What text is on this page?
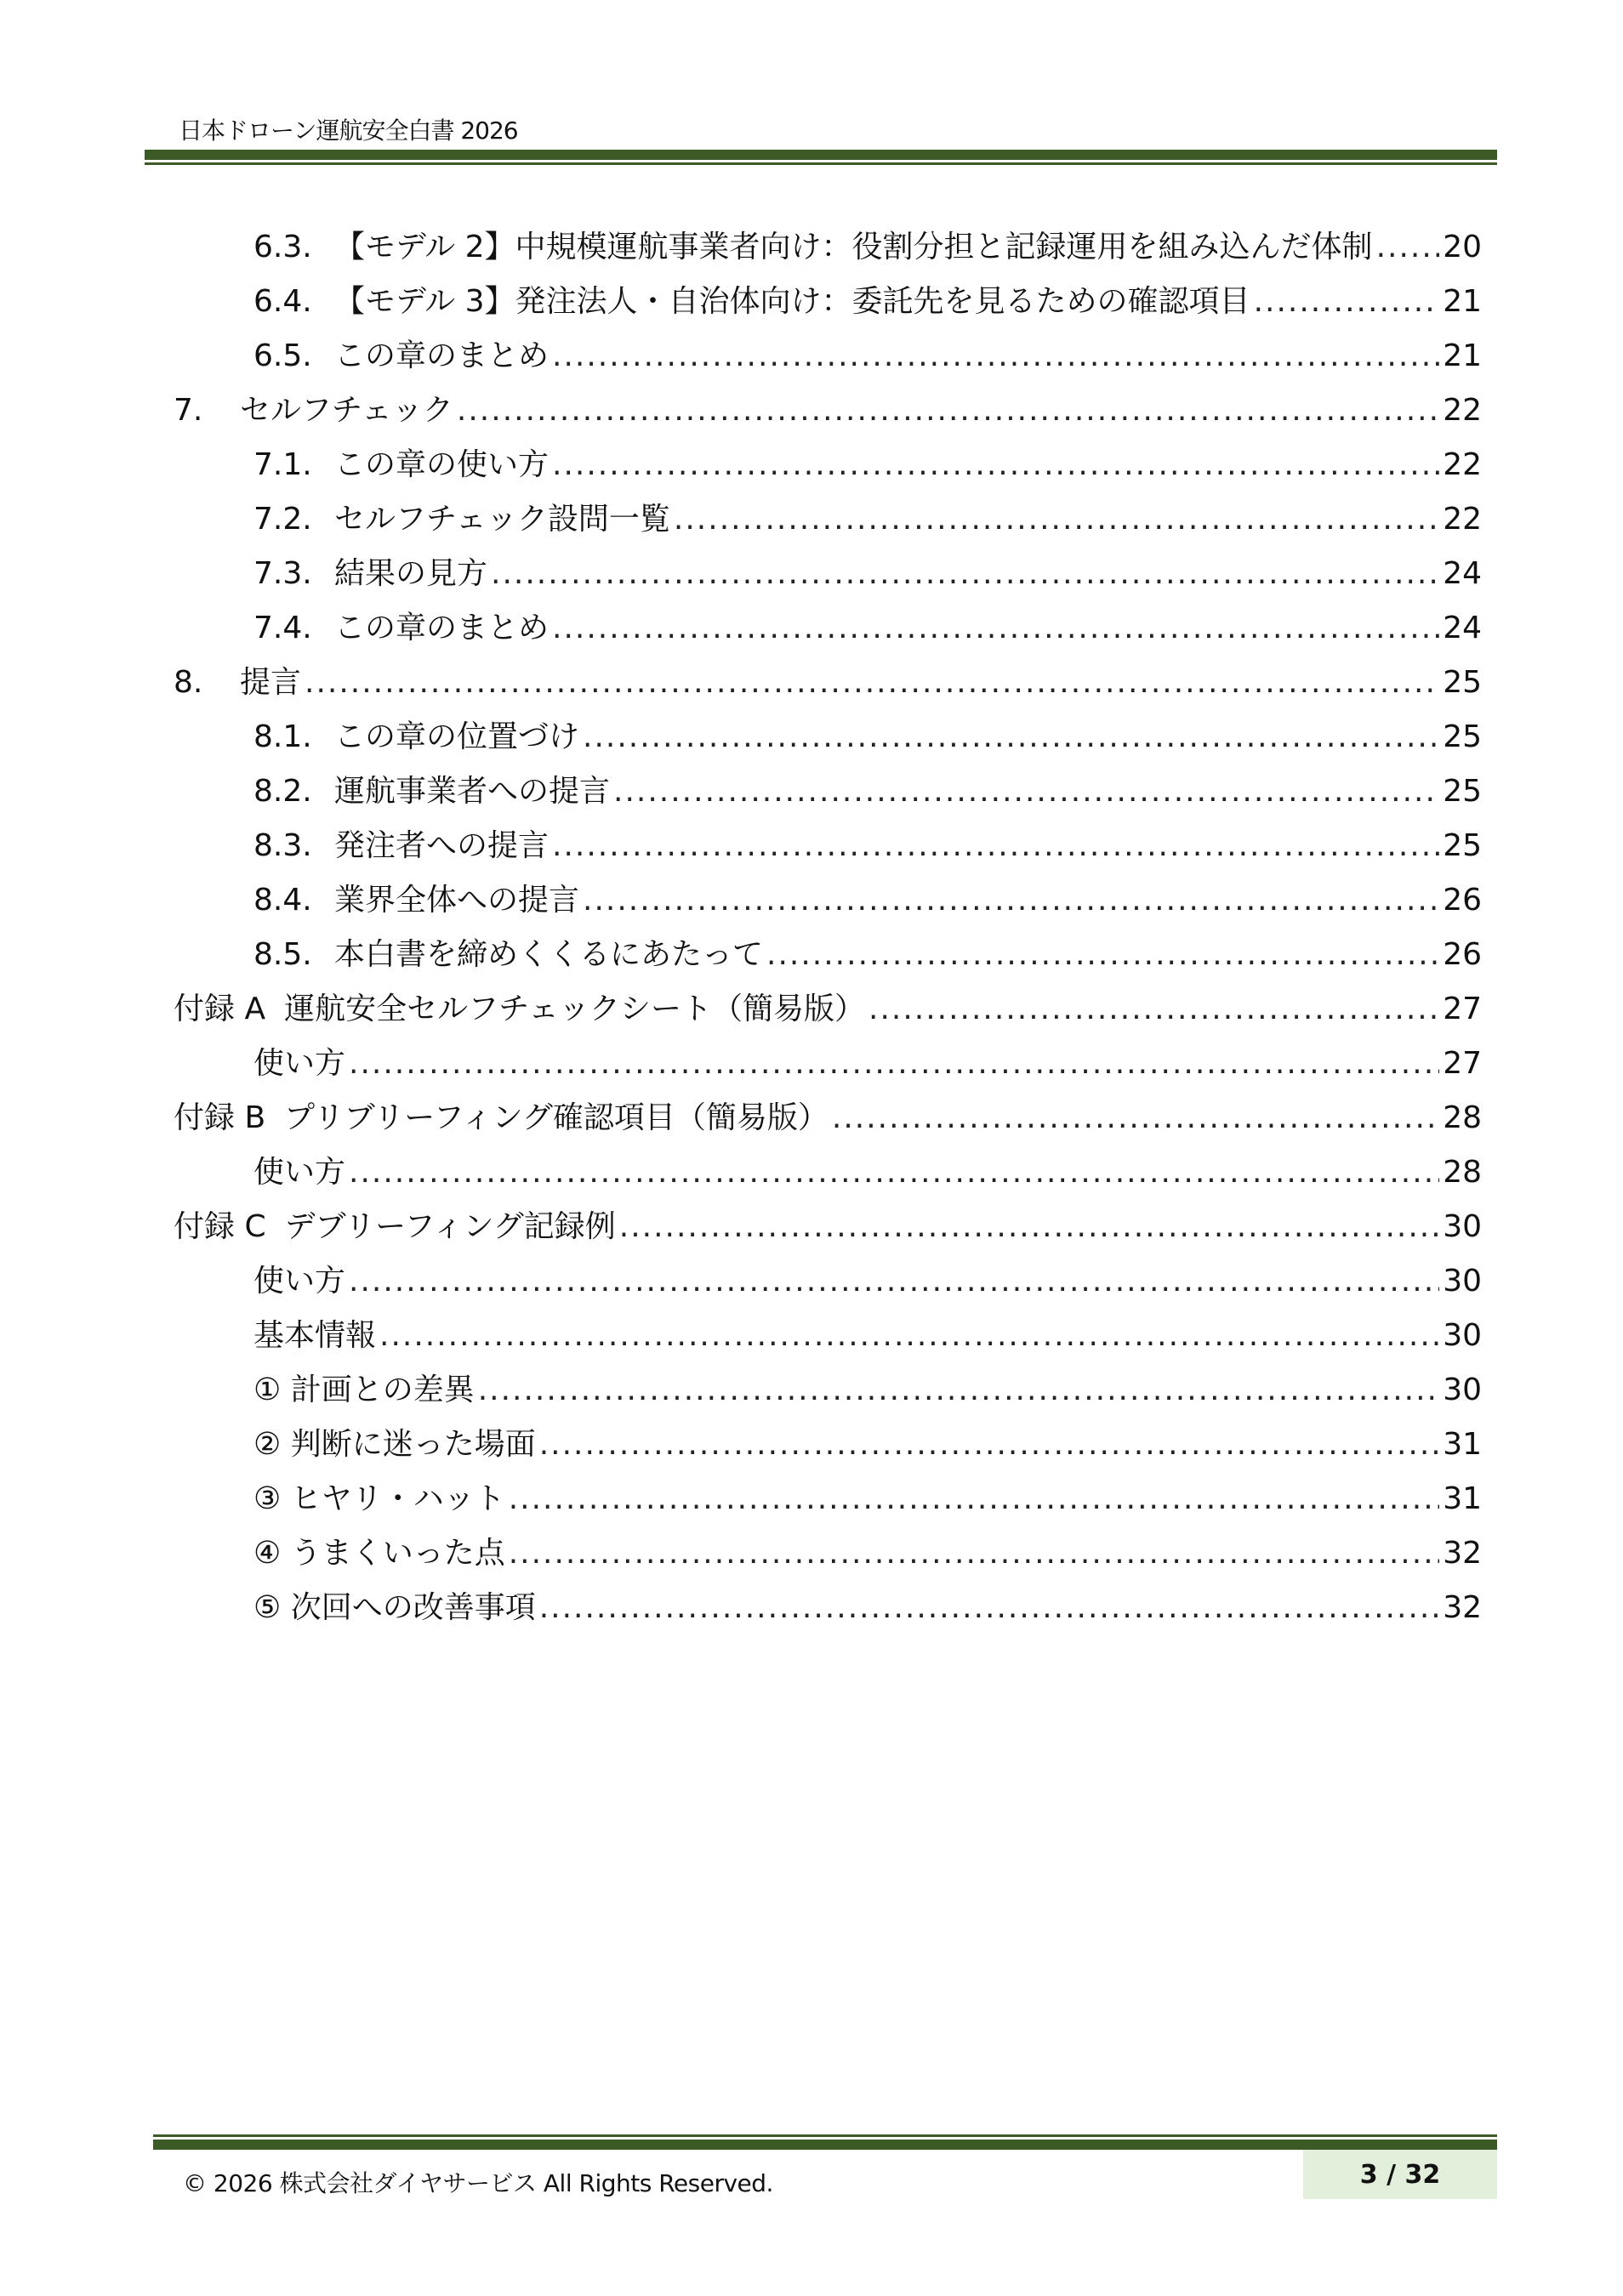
日本ドローン運航安全白書 2026
6.3. 【モデル 2】中規模運航事業者向け：役割分担と記録運用を組み込んだ体制 ..... 20
6.4. 【モデル 3】発注法人・自治体向け：委託先を見るための確認項目 .....	21
6.5. この章のまとめ .....	21
7.	セルフチェック .....	22
7.1. この章の使い方 .....	22
7.2. セルフチェック設問一覧 .....	22
7.3. 結果の見方 .....	24
7.4. この章のまとめ .....	24
8.	提言 .....	25
8.1. この章の位置づけ .....	25
8.2. 運航事業者への提言 .....	25
8.3. 発注者への提言 .....	25
8.4. 業界全体への提言 .....	26
8.5. 本白書を締めくくるにあたって .....	26
付録 A 運航安全セルフチェックシート（簡易版） .....	27
使い方 .....	27
付録 B プリブリーフィング確認項目（簡易版） .....	28
使い方 .....	28
付録 C デブリーフィング記録例 .....	30
使い方 .....	30
基本情報 .....	30
① 計画との差異 .....	30
② 判断に迷った場面 .....	31
③ ヒヤリ・ハット .....	31
④ うまくいった点 .....	32
⑤ 次回への改善事項 .....	32
© 2026 株式会社ダイヤサービス All Rights Reserved.	3 / 32
